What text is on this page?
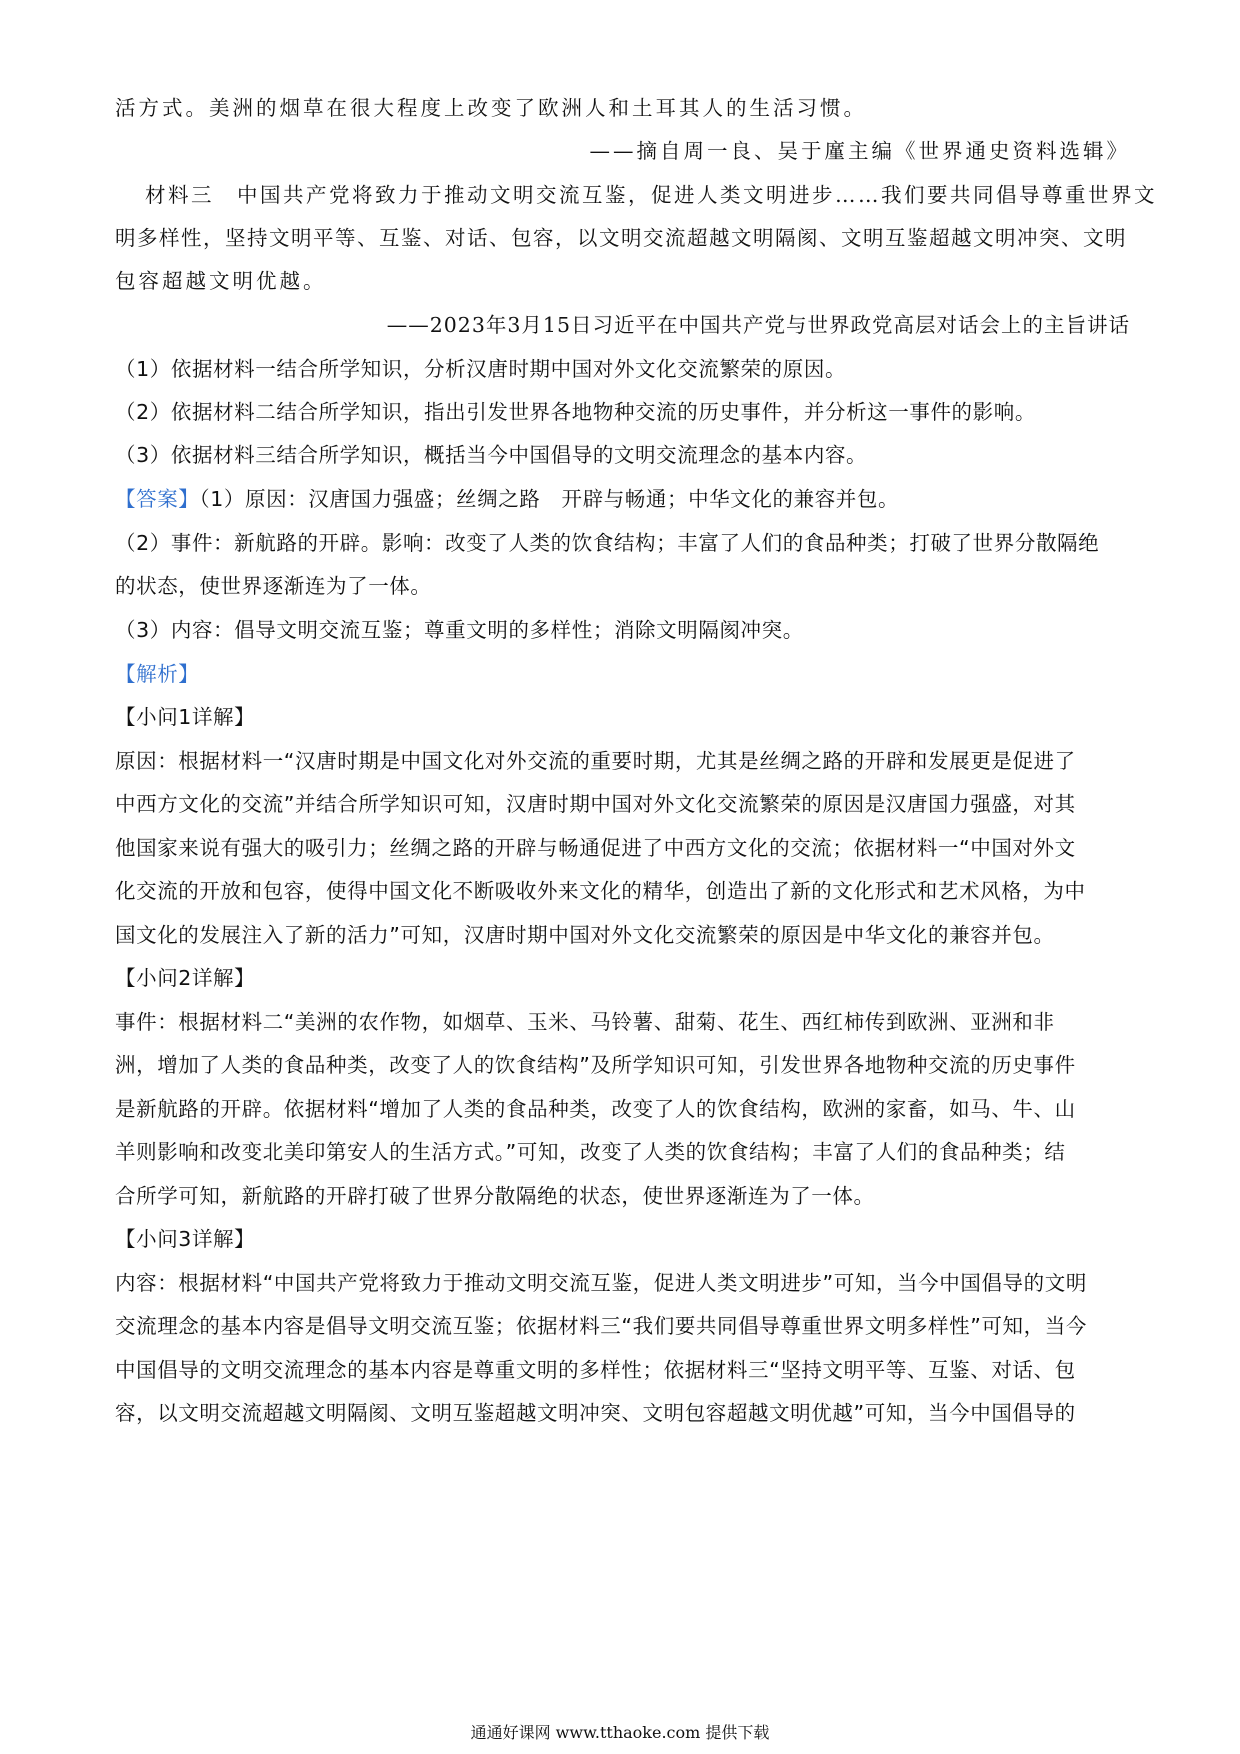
活方式。美洲的烟草在很大程度上改变了欧洲人和土耳其人的生活习惯。
——摘自周一良、吴于廑主编《世界通史资料选辑》
材料三　中国共产党将致力于推动文明交流互鉴，促进人类文明进步……我们要共同倡导尊重世界文
明多样性，坚持文明平等、互鉴、对话、包容，以文明交流超越文明隔阂、文明互鉴超越文明冲突、文明
包容超越文明优越。
——2023年3月15日习近平在中国共产党与世界政党高层对话会上的主旨讲话
（1）依据材料一结合所学知识，分析汉唐时期中国对外文化交流繁荣的原因。
（2）依据材料二结合所学知识，指出引发世界各地物种交流的历史事件，并分析这一事件的影响。
（3）依据材料三结合所学知识，概括当今中国倡导的文明交流理念的基本内容。
【答案】（1）原因：汉唐国力强盛；丝绸之路　开辟与畅通；中华文化的兼容并包。
（2）事件：新航路的开辟。影响：改变了人类的饮食结构；丰富了人们的食品种类；打破了世界分散隔绝
的状态，使世界逐渐连为了一体。
（3）内容：倡导文明交流互鉴；尊重文明的多样性；消除文明隔阂冲突。
【解析】
【小问1详解】
原因：根据材料一“汉唐时期是中国文化对外交流的重要时期，尤其是丝绸之路的开辟和发展更是促进了
中西方文化的交流”并结合所学知识可知，汉唐时期中国对外文化交流繁荣的原因是汉唐国力强盛，对其
他国家来说有强大的吸引力；丝绸之路的开辟与畅通促进了中西方文化的交流；依据材料一“中国对外文
化交流的开放和包容，使得中国文化不断吸收外来文化的精华，创造出了新的文化形式和艺术风格，为中
国文化的发展注入了新的活力”可知，汉唐时期中国对外文化交流繁荣的原因是中华文化的兼容并包。
【小问2详解】
事件：根据材料二“美洲的农作物，如烟草、玉米、马铃薯、甜菊、花生、西红柿传到欧洲、亚洲和非
洲，增加了人类的食品种类，改变了人的饮食结构”及所学知识可知，引发世界各地物种交流的历史事件
是新航路的开辟。依据材料“增加了人类的食品种类，改变了人的饮食结构，欧洲的家畜，如马、牛、山
羊则影响和改变北美印第安人的生活方式。”可知，改变了人类的饮食结构；丰富了人们的食品种类；结
合所学可知，新航路的开辟打破了世界分散隔绝的状态，使世界逐渐连为了一体。
【小问3详解】
内容：根据材料“中国共产党将致力于推动文明交流互鉴，促进人类文明进步”可知，当今中国倡导的文明
交流理念的基本内容是倡导文明交流互鉴；依据材料三“我们要共同倡导尊重世界文明多样性”可知，当今
中国倡导的文明交流理念的基本内容是尊重文明的多样性；依据材料三“坚持文明平等、互鉴、对话、包
容，以文明交流超越文明隔阂、文明互鉴超越文明冲突、文明包容超越文明优越”可知，当今中国倡导的
通通好课网 www.tthaoke.com 提供下载
